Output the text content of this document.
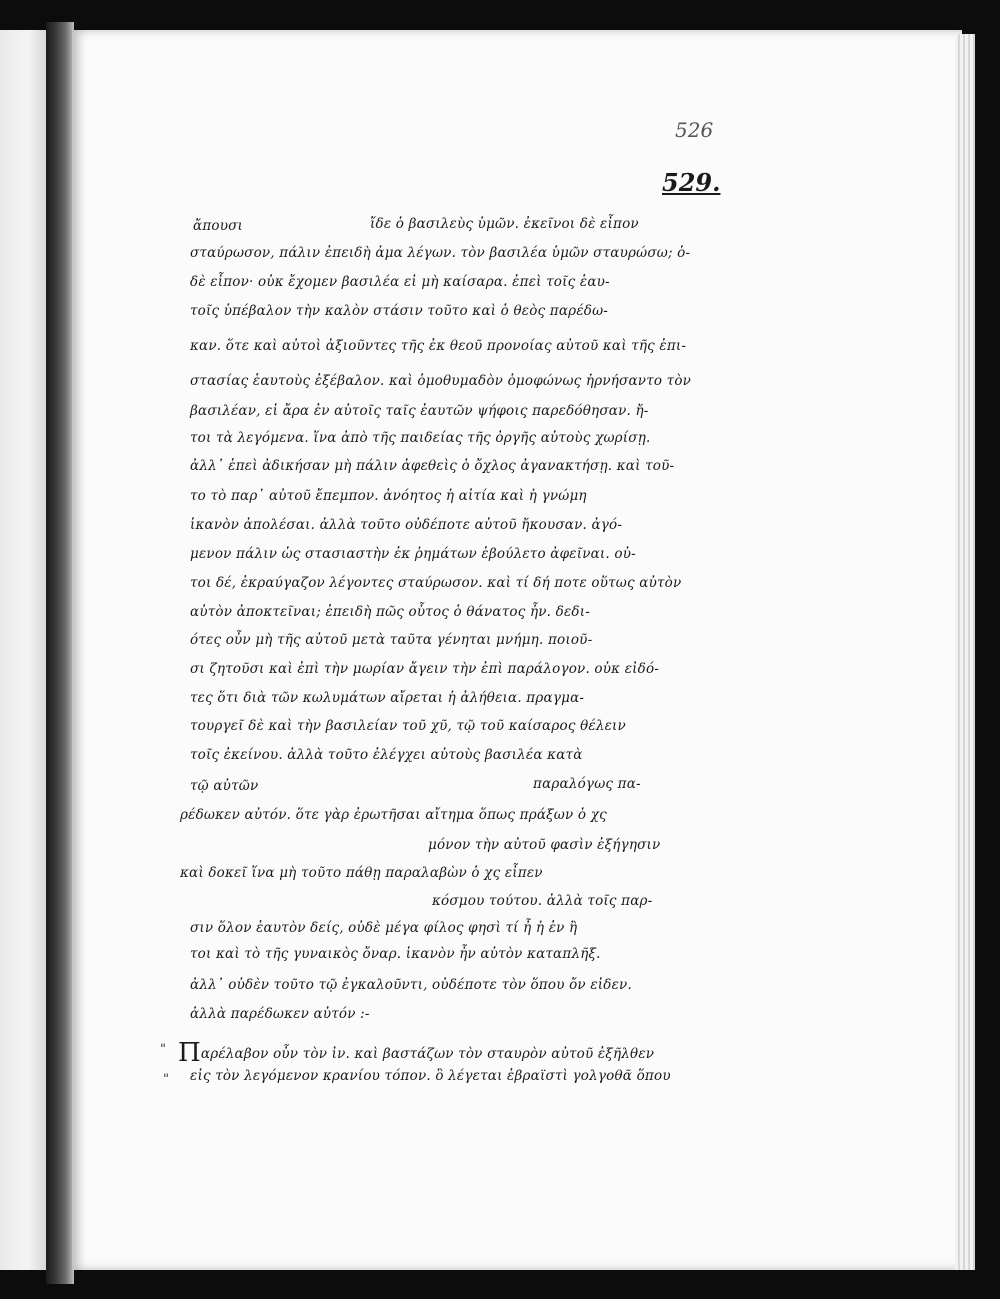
526
529.
ἄπουσι	ἴδε ὁ βασιλεὺς ὑμῶν. ἐκεῖνοι δὲ εἶπον
σταύρωσον, πάλιν ἐπειδὴ ἀμα λέγων. τὸν βασιλέα ὑμῶν σταυρώσω; ὁ-
δὲ εἶπον· οὐκ ἔχομεν βασιλέα εἰ μὴ καίσαρα. ἐπεὶ τοῖς ἑαυ-
τοῖς ὑπέβαλον τὴν καλὸν στάσιν τοῦτο καὶ ὁ θεὸς παρέδω-
καν. ὅτε καὶ αὐτοὶ ἀξιοῦντες τῆς ἐκ θεοῦ προνοίας αὐτοῦ καὶ τῆς ἐπι-
στασίας ἑαυτοὺς ἐξέβαλον. καὶ ὁμοθυμαδὸν ὁμοφώνως ἠρνήσαντο τὸν
βασιλέαν, εἰ ἄρα ἐν αὐτοῖς ταῖς ἑαυτῶν ψήφοις παρεδόθησαν. ἤ-
τοι τὰ λεγόμενα. ἵνα ἀπὸ τῆς παιδείας τῆς ὀργῆς αὐτοὺς χωρίσῃ.
ἀλλ᾽ ἐπεὶ ἀδικήσαν μὴ πάλιν ἀφεθεὶς ὁ ὄχλος ἀγανακτήσῃ. καὶ τοῦ-
το τὸ παρ᾽ αὐτοῦ ἔπεμπον. ἀνόητος ἡ αἰτία καὶ ἡ γνώμη
ἱκανὸν ἀπολέσαι. ἀλλὰ τοῦτο οὐδέποτε αὐτοῦ ἤκουσαν. ἀγό-
μενον πάλιν ὡς στασιαστὴν ἐκ ῥημάτων ἐβούλετο ἀφεῖναι. οὐ-
τοι δέ, ἐκραύγαζον λέγοντες σταύρωσον. καὶ τί δή ποτε οὕτως αὐτὸν
αὐτὸν ἀποκτεῖναι; ἐπειδὴ πῶς οὗτος ὁ θάνατος ἦν. δεδι-
ότες οὖν μὴ τῆς αὐτοῦ μετὰ ταῦτα γένηται μνήμη. ποιοῦ-
σι ζητοῦσι καὶ ἐπὶ τὴν μωρίαν ἄγειν τὴν ἐπὶ παράλογον. οὐκ εἰδό-
τες ὅτι διὰ τῶν κωλυμάτων αἴρεται ἡ ἀλήθεια. πραγμα-
τουργεῖ δὲ καὶ τὴν βασιλείαν τοῦ χῦ, τῷ τοῦ καίσαρος θέλειν
τοῖς ἐκείνου. ἀλλὰ τοῦτο ἐλέγχει αὐτοὺς βασιλέα κατὰ
τῷ αὐτῶν	παραλόγως πα-
ρέδωκεν αὐτόν. ὅτε γὰρ ἐρωτῆσαι αἴτημα ὅπως πράξων ὁ χς
μόνον τὴν αὐτοῦ φασὶν ἐξήγησιν
καὶ δοκεῖ ἵνα μὴ τοῦτο πάθῃ παραλαβὼν ὁ χς εἶπεν
κόσμου τούτου. ἀλλὰ τοῖς παρ-
σιν ὅλον ἑαυτὸν δείς, οὐδὲ μέγα φίλος φησὶ τί ἦ ἡ ἐν ἢ
τοι καὶ τὸ τῆς γυναικὸς ὄναρ. ἱκανὸν ἦν αὐτὸν καταπλῆξ.
ἀλλ᾽ οὐδὲν τοῦτο τῷ ἐγκαλοῦντι, οὐδέποτε τὸν ὅπου ὄν εἰδεν.
ἀλλὰ παρέδωκεν αὐτόν :-
Παρέλαβον οὖν τὸν ἰν. καὶ βαστάζων τὸν σταυρὸν αὐτοῦ ἐξῆλθεν
εἰς τὸν λεγόμενον κρανίου τόπον. ὃ λέγεται ἑβραϊστὶ γολγοθᾶ ὅπου
"
"
